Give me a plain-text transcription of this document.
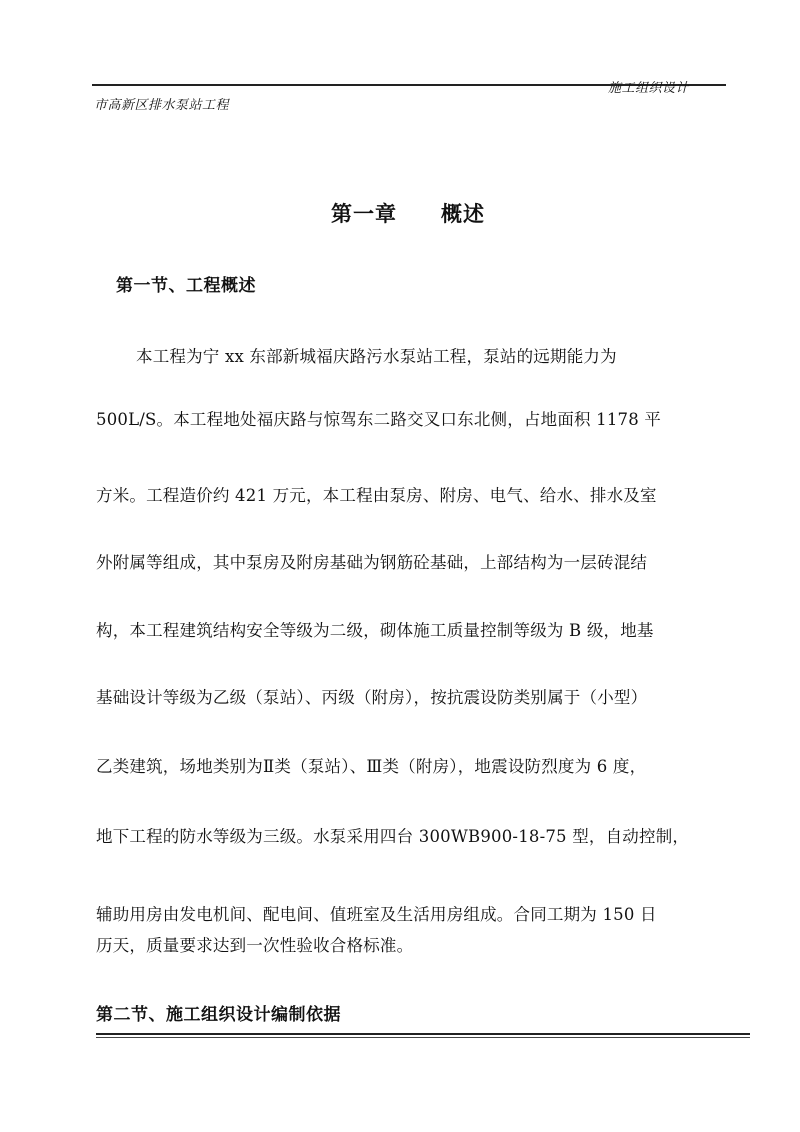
施工组织设计
市高新区排水泵站工程
第一章　　概述
第一节、工程概述
本工程为宁 xx 东部新城福庆路污水泵站工程，泵站的远期能力为
500L/S。本工程地处福庆路与惊驾东二路交叉口东北侧，占地面积 1178 平
方米。工程造价约 421 万元，本工程由泵房、附房、电气、给水、排水及室
外附属等组成，其中泵房及附房基础为钢筋砼基础，上部结构为一层砖混结
构，本工程建筑结构安全等级为二级，砌体施工质量控制等级为 B 级，地基
基础设计等级为乙级（泵站）、丙级（附房），按抗震设防类别属于（小型）
乙类建筑，场地类别为Ⅱ类（泵站）、Ⅲ类（附房），地震设防烈度为 6 度，
地下工程的防水等级为三级。水泵采用四台 300WB900-18-75 型，自动控制，
辅助用房由发电机间、配电间、值班室及生活用房组成。合同工期为 150 日
历天，质量要求达到一次性验收合格标准。
第二节、施工组织设计编制依据
